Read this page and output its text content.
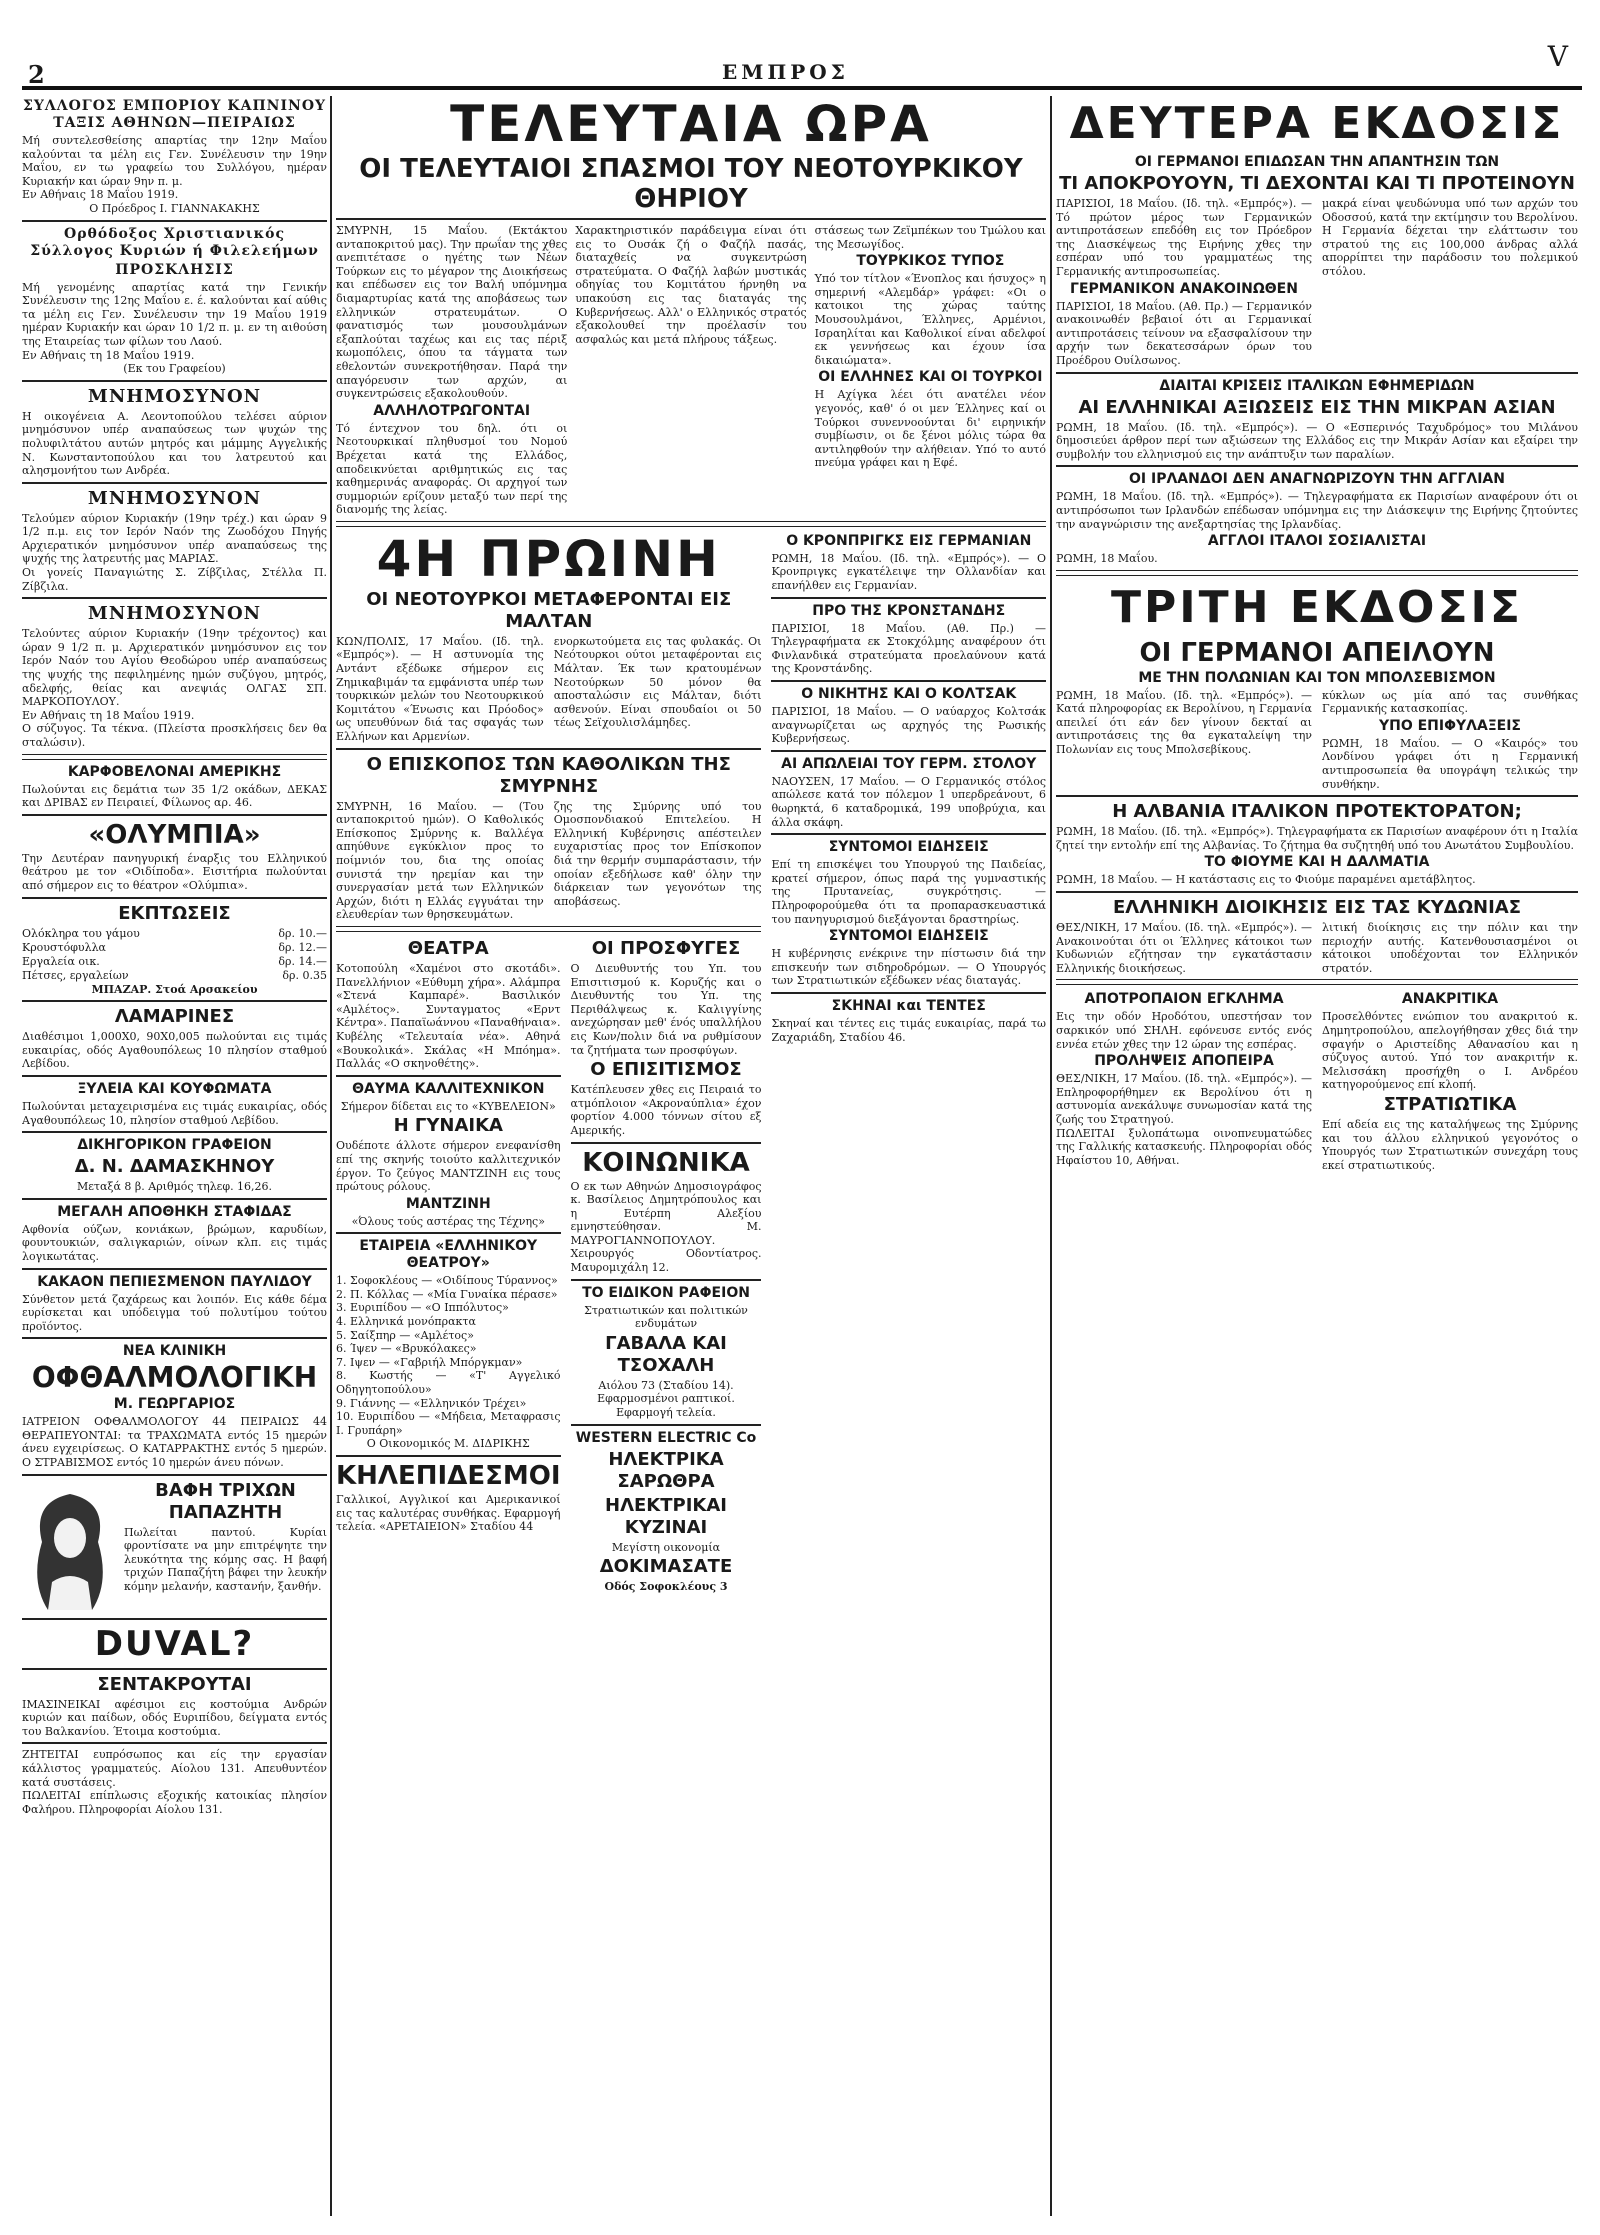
2	ΕΜΠΡΟΣ	V
ΣΥΛΛΟΓΟΣ ΕΜΠΟΡΙΟΥ ΚΑΠΝΙΝΟΥ ΤΑΞΙΣ ΑΘΗΝΩΝ—ΠΕΙΡΑΙΩΣ
Μή συντελεσθείσης απαρτίας την 12ην Μαΐου καλούνται τα μέλη εις Γεν. Συνέλευσιν την 19ην Μαΐου, εν τω γραφείω του Συλλόγου, ημέραν Κυριακήν και ώραν 9ην π. μ.
Εν Αθήναις 18 Μαΐου 1919.
Ο Πρόεδρος Ι. ΓΙΑΝΝΑΚΑΚΗΣ
Ορθόδοξος Χριστιανικός Σύλλογος Κυριών ή Φιλελεήμων
ΠΡΟΣΚΛΗΣΙΣ
Μή γενομένης απαρτίας κατά την Γενικήν Συνέλευσιν της 12ης Μαΐου ε. έ. καλούνται καί αύθις τα μέλη εις Γεν. Συνέλευσιν την 19 Μαΐου 1919 ημέραν Κυριακήν και ώραν 10 1/2 π. μ. εν τη αιθούση της Εταιρείας των φίλων του Λαού.
Εν Αθήναις τη 18 Μαΐου 1919.
(Εκ του Γραφείου)
ΜΝΗΜΟΣΥΝΟΝ
Η οικογένεια Α. Λεοντοπούλου τελέσει αύριον μνημόσυνον υπέρ αναπαύσεως των ψυχών της πολυφιλτάτου αυτών μητρός και μάμμης Αγγελικής Ν. Κωνσταντοπούλου και του λατρευτού και αλησμονήτου των Ανδρέα.
ΜΝΗΜΟΣΥΝΟΝ
Τελούμεν αύριον Κυριακήν (19ην τρέχ.) και ώραν 9 1/2 π.μ. εις τον Ιερόν Ναόν της Ζωοδόχου Πηγής Αρχιερατικόν μνημόσυνον υπέρ αναπαύσεως της ψυχής της λατρευτής μας ΜΑΡΙΑΣ.
Οι γονείς Παναγιώτης Σ. Ζίβζιλας, Στέλλα Π. Ζίβζιλα.
ΜΝΗΜΟΣΥΝΟΝ
Τελούντες αύριον Κυριακήν (19ην τρέχοντος) και ώραν 9 1/2 π. μ. Αρχιερατικόν μνημόσυνον εις τον Ιερόν Ναόν του Αγίου Θεοδώρου υπέρ αναπαύσεως της ψυχής της πεφιλημένης ημών συζύγου, μητρός, αδελφής, θείας και ανεψιάς ΟΛΓΑΣ ΣΠ. ΜΑΡΚΟΠΟΥΛΟΥ.
Εν Αθήναις τη 18 Μαΐου 1919.
Ο σύζυγος. Τα τέκνα. (Πλείστα προσκλήσεις δεν θα σταλώσιν).
ΚΑΡΦΟΒΕΛΟΝΑΙ ΑΜΕΡΙΚΗΣ
Πωλούνται εις δεμάτια των 35 1/2 οκάδων, ΔΕΚΑΣ και ΔΡΙΒΑΣ εν Πειραιεί, Φίλωνος αρ. 46.
«ΟΛΥΜΠΙΑ»
Την Δευτέραν πανηγυρική έναρξις του Ελληνικού θεάτρου με τον «Οιδίποδα». Εισιτήρια πωλούνται από σήμερον εις το θέατρον «Ολύμπια».
ΕΚΠΤΩΣΕΙΣ
Ολόκληρα του γάμου	δρ. 10.—
Κρουστόφυλλα	δρ. 12.—
Εργαλεία οικ.	δρ. 14.—
Πέτσες, εργαλείων	δρ. 0.35
ΜΠΑΖΑΡ. Στοά Αρσακείου
ΛΑΜΑΡΙΝΕΣ
Διαθέσιμοι 1,000Χ0, 90Χ0,005 πωλούνται εις τιμάς ευκαιρίας, οδός Αγαθουπόλεως 10 πλησίον σταθμού Λεβίδου.
ΞΥΛΕΙΑ ΚΑΙ ΚΟΥΦΩΜΑΤΑ
Πωλούνται μεταχειρισμένα εις τιμάς ευκαιρίας, οδός Αγαθουπόλεως 10, πλησίον σταθμού Λεβίδου.
ΔΙΚΗΓΟΡΙΚΟΝ ΓΡΑΦΕΙΟΝ
Δ. Ν. ΔΑΜΑΣΚΗΝΟΥ
Μεταξά 8 β. Αριθμός τηλεφ. 16,26.
ΜΕΓΑΛΗ ΑΠΟΘΗΚΗ ΣΤΑΦΙΔΑΣ
Αφθονία ούζων, κονιάκων, βρώμων, καρυδίων, φουντουκιών, σαλιγκαριών, οίνων κλπ. εις τιμάς λογικωτάτας.
ΚΑΚΑΟΝ ΠΕΠΙΕΣΜΕΝΟΝ ΠΑΥΛΙΔΟΥ
Σύνθετον μετά ζαχάρεως και λοιπόν. Εις κάθε δέμα ευρίσκεται και υπόδειγμα τού πολυτίμου τούτου προϊόντος.
ΝΕΑ ΚΛΙΝΙΚΗ
ΟΦΘΑΛΜΟΛΟΓΙΚΗ
Μ. ΓΕΩΡΓΑΡΙΟΣ
ΙΑΤΡΕΙΟΝ ΟΦΘΑΛΜΟΛΟΓΟΥ 44 ΠΕΙΡΑΙΩΣ 44 ΘΕΡΑΠΕΥΟΝΤΑΙ: τα ΤΡΑΧΩΜΑΤΑ εντός 15 ημερών άνευ εγχειρίσεως. Ο ΚΑΤΑΡΡΑΚΤΗΣ εντός 5 ημερών. Ο ΣΤΡΑΒΙΣΜΟΣ εντός 10 ημερών άνευ πόνων.
ΒΑΦΗ ΤΡΙΧΩΝ ΠΑΠΑΖΗΤΗ
Πωλείται παντού. Κυρίαι φροντίσατε να μην επιτρέψητε την λευκότητα της κόμης σας. Η βαφή τριχών Παπαζήτη βάφει την λευκήν κόμην μελανήν, καστανήν, ξανθήν.
DUVAL?
ΣΕΝΤΑΚΡΟΥΤΑΙ
ΙΜΑΣΙΝΕΙΚΑΙ αφέσιμοι εις κοστούμια Ανδρών κυριών και παίδων, οδός Ευριπίδου, δείγματα εντός του Βαλκανίου. Έτοιμα κοστούμια.
ΖΗΤΕΙΤΑΙ ευπρόσωπος και είς την εργασίαν κάλλιστος γραμματεύς. Αίολου 131. Απευθυντέον κατά συστάσεις.
ΠΩΛΕΙΤΑΙ επίπλωσις εξοχικής κατοικίας πλησίον Φαλήρου. Πληροφορίαι Αίολου 131.
ΤΕΛΕΥΤΑΙΑ ΩΡΑ
ΟΙ ΤΕΛΕΥΤΑΙΟΙ ΣΠΑΣΜΟΙ ΤΟΥ ΝΕΟΤΟΥΡΚΙΚΟΥ ΘΗΡΙΟΥ
ΣΜΥΡΝΗ, 15 Μαΐου. (Εκτάκτου ανταποκριτού μας). Την πρωΐαν της χθες ανεπιτέτασε ο ηγέτης των Νέων Τούρκων εις το μέγαρον της Διοικήσεως και επέδωσεν εις τον Βαλή υπόμνημα διαμαρτυρίας κατά της αποβάσεως των ελληνικών στρατευμάτων. Ο φανατισμός των μουσουλμάνων εξαπλούται ταχέως και εις τας πέριξ κωμοπόλεις, όπου τα τάγματα των εθελοντών συνεκροτήθησαν. Παρά την απαγόρευσιν των αρχών, αι συγκεντρώσεις εξακολουθούν.
ΑΛΛΗΛΟΤΡΩΓΟΝΤΑΙ
Τό έντεχνον του δηλ. ότι οι Νεοτουρκικαί πληθυσμοί του Νομού Βρέχεται κατά της Ελλάδος, αποδεικνύεται αριθμητικώς εις τας καθημερινάς αναφοράς. Οι αρχηγοί των συμμοριών ερίζουν μεταξύ των περί της διανομής της λείας.
Χαρακτηριστικόν παράδειγμα είναι ότι εις το Ουσάκ ζή ο Φαζήλ πασάς, διαταχθείς να συγκεντρώση στρατεύματα. Ο Φαζήλ λαβών μυστικάς οδηγίας του Κομιτάτου ήρνηθη να υπακούση εις τας διαταγάς της Κυβερνήσεως. Αλλ' ο Ελληνικός στρατός εξακολουθεί την προέλασίν του ασφαλώς και μετά πλήρους τάξεως.
στάσεως των Ζεϊμπέκων του Τμώλου και της Μεσωγίδος.
ΤΟΥΡΚΙΚΟΣ ΤΥΠΟΣ
Υπό τον τίτλον «Ένοπλος και ήσυχος» η σημερινή «Αλεμδάρ» γράφει: «Οι ο κατοικοι της χώρας ταύτης Μουσουλμάνοι, Έλληνες, Αρμένιοι, Ισραηλίται και Καθολικοί είναι αδελφοί εκ γεννήσεως και έχουν ίσα δικαιώματα».
ΟΙ ΕΛΛΗΝΕΣ ΚΑΙ ΟΙ ΤΟΥΡΚΟΙ
Η Αχίγκα λέει ότι ανατέλει νέον γεγονός, καθ' ό οι μεν Έλληνες καί οι Τούρκοι συνεννοούνται δι' ειρηνικήν συμβίωσιν, οι δε ξένοι μόλις τώρα θα αντιληφθούν την αλήθειαν. Υπό το αυτό πνεύμα γράφει και η Εφέ.
4Η ΠΡΩΙΝΗ
ΟΙ ΝΕΟΤΟΥΡΚΟΙ ΜΕΤΑΦΕΡΟΝΤΑΙ ΕΙΣ ΜΑΛΤΑΝ
ΚΩΝ/ΠΟΛΙΣ, 17 Μαΐου. (Ιδ. τηλ. «Εμπρός»). — Η αστυνομία της Αντάντ εξέδωκε σήμερον εις Ζημικαβιμάν τα εμφάνιστα υπέρ των τουρκικών μελών του Νεοτουρκικού Κομιτάτου «Ένωσις και Πρόοδος» ως υπευθύνων διά τας σφαγάς των Ελλήνων και Αρμενίων.
ενορκωτούμετα εις τας φυλακάς. Οι Νεότουρκοι ούτοι μεταφέρονται εις Μάλταν. Έκ των κρατουμένων Νεοτούρκων 50 μόνον θα αποσταλώσιν εις Μάλταν, διότι ασθενούν. Είναι σπουδαίοι οι 50 τέως Σεϊχουλισλάμηδες.
Ο ΕΠΙΣΚΟΠΟΣ ΤΩΝ ΚΑΘΟΛΙΚΩΝ ΤΗΣ ΣΜΥΡΝΗΣ
ΣΜΥΡΝΗ, 16 Μαΐου. — (Του ανταποκριτού ημών). Ο Καθολικός Επίσκοπος Σμύρνης κ. Βαλλέγα απηύθυνε εγκύκλιον προς το ποίμνιόν του, δια της οποίας συνιστά την ηρεμίαν και την συνεργασίαν μετά των Ελληνικών Αρχών, διότι η Ελλάς εγγυάται την ελευθερίαν των θρησκευμάτων.
ζης της Σμύρνης υπό του Ομοσπονδιακού Επιτελείου. Η Ελληνική Κυβέρνησις απέστειλεν ευχαριστίας προς τον Επίσκοπον διά την θερμήν συμπαράστασιν, τήν οποίαν εξεδήλωσε καθ' όλην την διάρκειαν των γεγονότων της αποβάσεως.
ΘΕΑΤΡΑ
Κοτοπούλη «Χαμένοι στο σκοτάδι». Πανελλήνιον «Εύθυμη χήρα». Αλάμπρα «Στενά Καμπαρέ». Βασιλικόν «Αμλέτος». Συνταγματος «Ερντ Κέντρα». Παπαϊωάννου «Παναθήναια». Κυβέλης «Τελευταία νέα». Αθηνά «Βουκολικά». Σκάλας «Η Μπόημα». Παλλάς «Ο σκηνοθέτης».
ΘΑΥΜΑ ΚΑΛΛΙΤΕΧΝΙΚΟΝ
Σήμερον δίδεται εις το «ΚΥΒΕΛΕΙΟΝ»
Η ΓΥΝΑΙΚΑ
Ουδέποτε άλλοτε σήμερον ενεφανίσθη επί της σκηνής τοιούτο καλλιτεχνικόν έργον. Το ζεύγος ΜΑΝΤΖΙΝΗ εις τους πρώτους ρόλους.
ΜΑΝΤΖΙΝΗ
«Όλους τούς αστέρας της Τέχνης»
ΕΤΑΙΡΕΙΑ «ΕΛΛΗΝΙΚΟΥ ΘΕΑΤΡΟΥ»
1. Σοφοκλέους — «Οιδίπους Τύραννος»
2. Π. Κόλλας — «Μία Γυναίκα πέρασε»
3. Ευριπίδου — «Ο Ιππόλυτος»
4. Ελληνικά μονόπρακτα
5. Σαίξπηρ — «Αμλέτος»
6. Ίψεν — «Βρυκόλακες»
7. Ιψεν — «Γαβριήλ Μπόργκμαν»
8. Κωστής — «Τ' Αγγελικό Οδηγητοπούλου»
9. Γιάννης — «Ελληνικόν Τρέχει»
10. Ευριπίδου — «Μήδεια, Μεταφρασις Ι. Γρυπάρη»
Ο Οικονομικός Μ. ΔΙΔΡΙΚΗΣ
ΚΗΛΕΠΙΔΕΣΜΟΙ
Γαλλικοί, Αγγλικοί και Αμερικανικοί εις τας καλυτέρας συνθήκας. Εφαρμογή τελεία. «ΑΡΕΤΑΙΕΙΟΝ» Σταδίου 44
ΟΙ ΠΡΟΣΦΥΓΕΣ
Ο Διευθυντής του Υπ. του Επισιτισμού κ. Κορυζής και ο Διευθυντής του Υπ. της Περιθάλψεως κ. Καλιγγίνης ανεχώρησαν μεθ' ένός υπαλλήλου εις Κων/πολιν διά να ρυθμίσουν τα ζητήματα των προσφύγων.
Ο ΕΠΙΣΙΤΙΣΜΟΣ
Κατέπλευσεν χθες εις Πειραιά το ατμόπλοιον «Ακροναύπλια» έχον φορτίον 4.000 τόννων σίτου εξ Αμερικής.
ΚΟΙΝΩΝΙΚΑ
Ο εκ των Αθηνών Δημοσιογράφος κ. Βασίλειος Δημητρόπουλος και η Ευτέρπη Αλεξίου εμνηστεύθησαν. Μ. ΜΑΥΡΟΓΙΑΝΝΟΠΟΥΛΟΥ. Χειρουργός Οδοντίατρος. Μαυρομιχάλη 12.
ΤΟ ΕΙΔΙΚΟΝ ΡΑΦΕΙΟΝ
Στρατιωτικών και πολιτικών ενδυμάτων
ΓΑΒΑΛΑ ΚΑΙ ΤΣΟΧΑΛΗ
Αιόλου 73 (Σταδίου 14). Εφαρμοσμένοι ραπτικοί. Εφαρμογή τελεία.
WESTERN ELECTRIC Co
ΗΛΕΚΤΡΙΚΑ ΣΑΡΩΘΡΑ
ΗΛΕΚΤΡΙΚΑΙ ΚΥΖΙΝΑΙ
Μεγίστη οικονομία
ΔΟΚΙΜΑΣΑΤΕ
Οδός Σοφοκλέους 3
Ο ΚΡΟΝΠΡΙΓΚΣ ΕΙΣ ΓΕΡΜΑΝΙΑΝ
ΡΩΜΗ, 18 Μαΐου. (Ιδ. τηλ. «Εμπρός»). — Ο Κρονπριγκς εγκατέλειψε την Ολλανδίαν και επανήλθεν εις Γερμανίαν.
ΠΡΟ ΤΗΣ ΚΡΟΝΣΤΑΝΔΗΣ
ΠΑΡΙΣΙΟΙ, 18 Μαΐου. (Αθ. Πρ.) — Τηλεγραφήματα εκ Στοκχόλμης αναφέρουν ότι Φινλανδικά στρατεύματα προελαύνουν κατά της Κρονστάνδης.
Ο ΝΙΚΗΤΗΣ ΚΑΙ Ο ΚΟΛΤΣΑΚ
ΠΑΡΙΣΙΟΙ, 18 Μαΐου. — Ο ναύαρχος Κολτσάκ αναγνωρίζεται ως αρχηγός της Ρωσικής Κυβερνήσεως.
ΑΙ ΑΠΩΛΕΙΑΙ ΤΟΥ ΓΕΡΜ. ΣΤΟΛΟΥ
ΝΑΟΥΣΕΝ, 17 Μαΐου. — Ο Γερμανικός στόλος απώλεσε κατά τον πόλεμον 1 υπερδρεάνουτ, 6 θωρηκτά, 6 καταδρομικά, 199 υποβρύχια, και άλλα σκάφη.
ΣΥΝΤΟΜΟΙ ΕΙΔΗΣΕΙΣ
Επί τη επισκέψει του Υπουργού της Παιδείας, κρατεί σήμερον, όπως παρά της γυμναστικής της Πρυτανείας, συγκρότησις. — Πληροφορούμεθα ότι τα προπαρασκευαστικά του πανηγυρισμού διεξάγονται δραστηρίως.
ΣΥΝΤΟΜΟΙ ΕΙΔΗΣΕΙΣ
Η κυβέρνησις ενέκρινε την πίστωσιν διά την επισκευήν των σιδηροδρόμων. — Ο Υπουργός των Στρατιωτικών εξέδωκεν νέας διαταγάς.
ΣΚΗΝΑΙ και ΤΕΝΤΕΣ
Σκηναί και τέντες εις τιμάς ευκαιρίας, παρά τω Ζαχαριάδη, Σταδίου 46.
ΔΕΥΤΕΡΑ ΕΚΔΟΣΙΣ
ΟΙ ΓΕΡΜΑΝΟΙ ΕΠΙΔΩΣΑΝ ΤΗΝ ΑΠΑΝΤΗΣΙΝ ΤΩΝ
ΤΙ ΑΠΟΚΡΟΥΟΥΝ, ΤΙ ΔΕΧΟΝΤΑΙ ΚΑΙ ΤΙ ΠΡΟΤΕΙΝΟΥΝ
ΠΑΡΙΣΙΟΙ, 18 Μαΐου. (Ιδ. τηλ. «Εμπρός»). — Τό πρώτον μέρος των Γερμανικών αντιπροτάσεων επεδόθη εις τον Πρόεδρον της Διασκέψεως της Ειρήνης χθες την εσπέραν υπό του γραμματέως της Γερμανικής αντιπροσωπείας.
ΓΕΡΜΑΝΙΚΟΝ ΑΝΑΚΟΙΝΩΘΕΝ
ΠΑΡΙΣΙΟΙ, 18 Μαΐου. (Αθ. Πρ.) — Γερμανικόν ανακοινωθέν βεβαιοί ότι αι Γερμανικαί αντιπροτάσεις τείνουν να εξασφαλίσουν την αρχήν των δεκατεσσάρων όρων του Προέδρου Ουίλσωνος.
μακρά είναι ψευδώνυμα υπό των αρχών του Οδοσσού, κατά την εκτίμησιν του Βερολίνου. Η Γερμανία δέχεται την ελάττωσιν του στρατού της εις 100,000 άνδρας αλλά απορρίπτει την παράδοσιν του πολεμικού στόλου.
ΔΙΑΙΤΑΙ ΚΡΙΣΕΙΣ ΙΤΑΛΙΚΩΝ ΕΦΗΜΕΡΙΔΩΝ
ΑΙ ΕΛΛΗΝΙΚΑΙ ΑΞΙΩΣΕΙΣ ΕΙΣ ΤΗΝ ΜΙΚΡΑΝ ΑΣΙΑΝ
ΡΩΜΗ, 18 Μαΐου. (Ιδ. τηλ. «Εμπρός»). — Ο «Εσπερινός Ταχυδρόμος» του Μιλάνου δημοσιεύει άρθρον περί των αξιώσεων της Ελλάδος εις την Μικράν Ασίαν και εξαίρει την συμβολήν του ελληνισμού εις την ανάπτυξιν των παραλίων.
ΟΙ ΙΡΛΑΝΔΟΙ ΔΕΝ ΑΝΑΓΝΩΡΙΖΟΥΝ ΤΗΝ ΑΓΓΛΙΑΝ
ΡΩΜΗ, 18 Μαΐου. (Ιδ. τηλ. «Εμπρός»). — Τηλεγραφήματα εκ Παρισίων αναφέρουν ότι οι αντιπρόσωποι των Ιρλανδών επέδωσαν υπόμνημα εις την Διάσκεψιν της Ειρήνης ζητούντες την αναγνώρισιν της ανεξαρτησίας της Ιρλανδίας.
ΑΓΓΛΟΙ ΙΤΑΛΟΙ ΣΟΣΙΑΛΙΣΤΑΙ
ΡΩΜΗ, 18 Μαΐου.
ΤΡΙΤΗ ΕΚΔΟΣΙΣ
ΟΙ ΓΕΡΜΑΝΟΙ ΑΠΕΙΛΟΥΝ
ΜΕ ΤΗΝ ΠΟΛΩΝΙΑΝ ΚΑΙ ΤΟΝ ΜΠΟΛΣΕΒΙΣΜΟΝ
ΡΩΜΗ, 18 Μαΐου. (Ιδ. τηλ. «Εμπρός»). — Κατά πληροφορίας εκ Βερολίνου, η Γερμανία απειλεί ότι εάν δεν γίνουν δεκταί αι αντιπροτάσεις της θα εγκαταλείψη την Πολωνίαν εις τους Μπολσεβίκους.
κύκλων ως μία από τας συνθήκας Γερμανικής κατασκοπίας.
ΥΠΟ ΕΠΙΦΥΛΑΞΕΙΣ
ΡΩΜΗ, 18 Μαΐου. — Ο «Καιρός» του Λονδίνου γράφει ότι η Γερμανική αντιπροσωπεία θα υπογράψη τελικώς την συνθήκην.
Η ΑΛΒΑΝΙΑ ΙΤΑΛΙΚΟΝ ΠΡΟΤΕΚΤΟΡΑΤΟΝ;
ΡΩΜΗ, 18 Μαΐου. (Ιδ. τηλ. «Εμπρός»). Τηλεγραφήματα εκ Παρισίων αναφέρουν ότι η Ιταλία ζητεί την εντολήν επί της Αλβανίας. Το ζήτημα θα συζητηθή υπό του Ανωτάτου Συμβουλίου.
ΤΟ ΦΙΟΥΜΕ ΚΑΙ Η ΔΑΛΜΑΤΙΑ
ΡΩΜΗ, 18 Μαΐου. — Η κατάστασις εις το Φιούμε παραμένει αμετάβλητος.
ΕΛΛΗΝΙΚΗ ΔΙΟΙΚΗΣΙΣ ΕΙΣ ΤΑΣ ΚΥΔΩΝΙΑΣ
ΘΕΣ/ΝΙΚΗ, 17 Μαΐου. (Ιδ. τηλ. «Εμπρός»). — Ανακοινούται ότι οι Έλληνες κάτοικοι των Κυδωνιών εζήτησαν την εγκατάστασιν Ελληνικής διοικήσεως.
λιτική διοίκησις εις την πόλιν και την περιοχήν αυτής. Κατενθουσιασμένοι οι κάτοικοι υποδέχονται τον Ελληνικόν στρατόν.
ΑΠΟΤΡΟΠΑΙΟΝ ΕΓΚΛΗΜΑ
Εις την οδόν Ηροδότου, υπεστήσαν τον σαρκικόν υπό ΣΗΛΗ. εφόνευσε εντός ενός εννέα ετών χθες την 12 ώραν της εσπέρας.
ΠΡΟΛΗΨΕΙΣ ΑΠΟΠΕΙΡΑ
ΘΕΣ/ΝΙΚΗ, 17 Μαΐου. (Ιδ. τηλ. «Εμπρός»). — Επληροφορήθημεν εκ Βερολίνου ότι η αστυνομία ανεκάλυψε συνωμοσίαν κατά της ζωής του Στρατηγού.
ΠΩΛΕΙΤΑΙ ξυλοπάτωμα οινοπνευματώδες της Γαλλικής κατασκευής. Πληροφορίαι οδός Ηφαίστου 10, Αθήναι.
ΑΝΑΚΡΙΤΙΚΑ
Προσελθόντες ενώπιον του ανακριτού κ. Δημητροπούλου, απελογήθησαν χθες διά την σφαγήν ο Αριστείδης Αθανασίου και η σύζυγος αυτού. Υπό τον ανακριτήν κ. Μελισσάκη προσήχθη ο Ι. Ανδρέου κατηγορούμενος επί κλοπή.
ΣΤΡΑΤΙΩΤΙΚΑ
Επί αδεία εις της καταλήψεως της Σμύρνης και του άλλου ελληνικού γεγονότος ο Υπουργός των Στρατιωτικών συνεχάρη τους εκεί στρατιωτικούς.
